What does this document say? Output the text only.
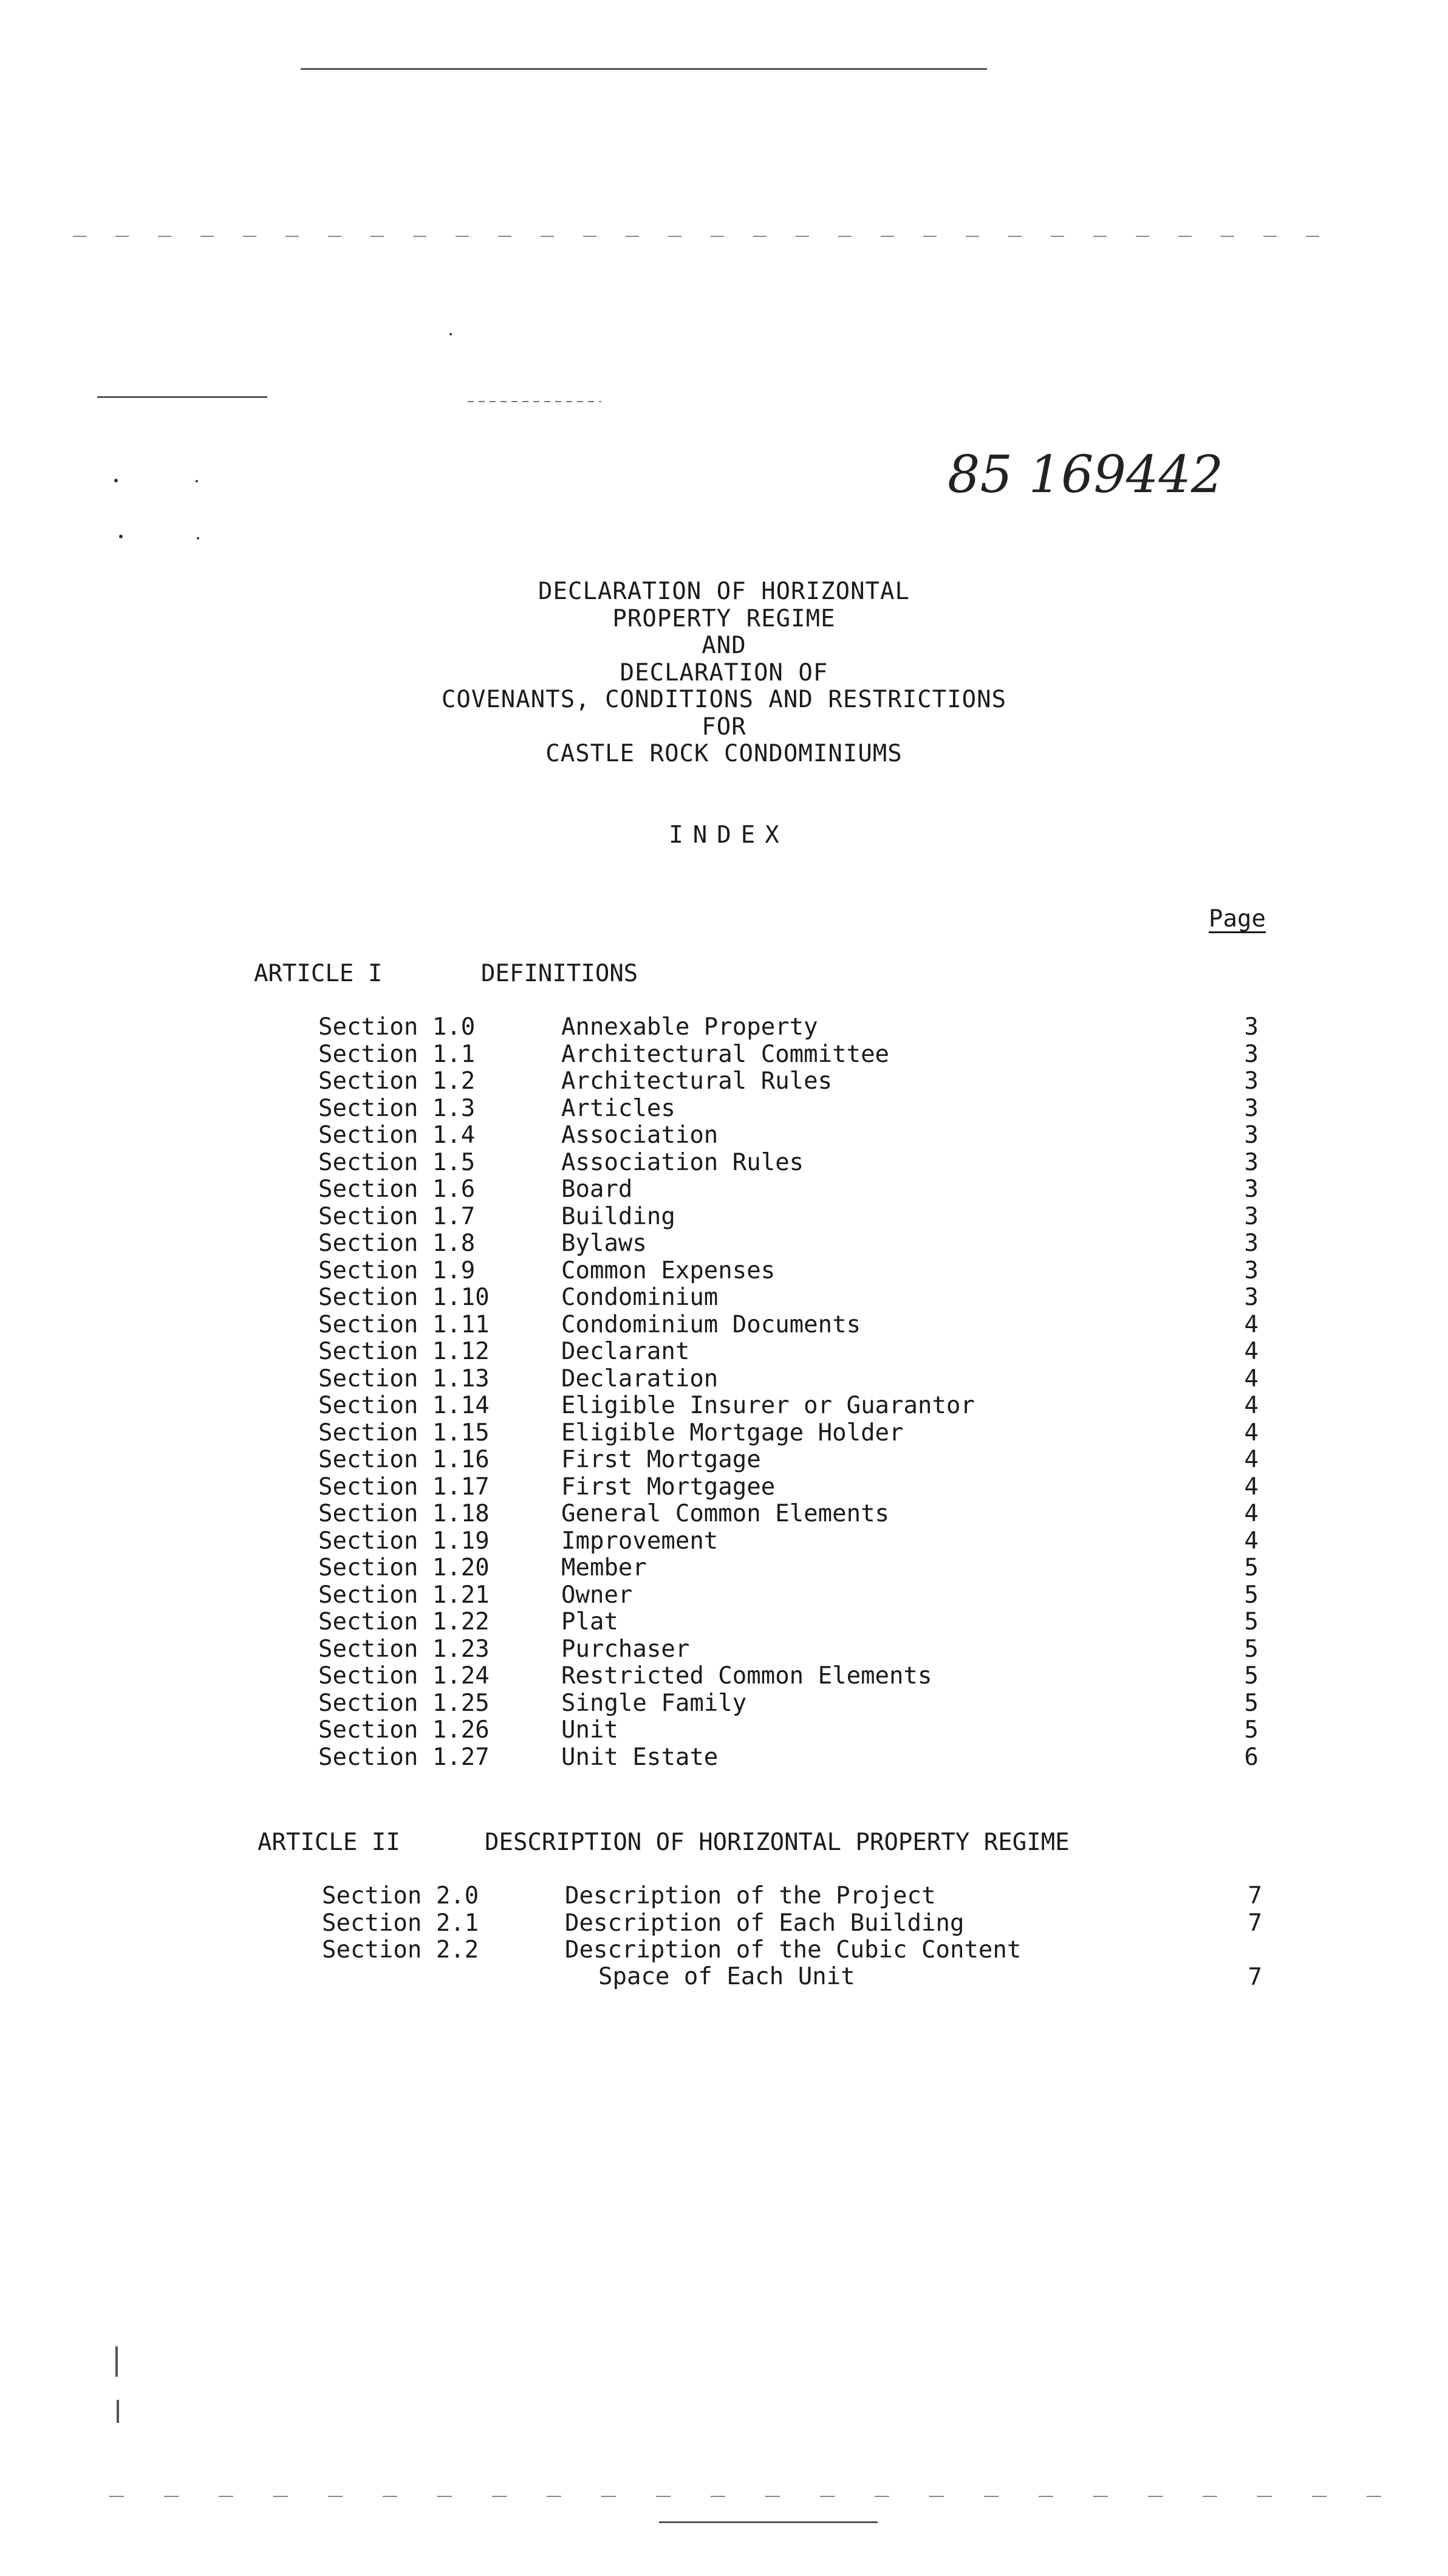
85 169442
DECLARATION OF HORIZONTAL
PROPERTY REGIME
AND
DECLARATION OF
COVENANTS, CONDITIONS AND RESTRICTIONS
FOR
CASTLE ROCK CONDOMINIUMS
INDEX
Page

ARTICLE I

	DEFINITIONS

Section 1.0	Annexable Property	3
Section 1.1	Architectural Committee	3
Section 1.2	Architectural Rules	3
Section 1.3	Articles	3
Section 1.4	Association	3
Section 1.5	Association Rules	3
Section 1.6	Board	3
Section 1.7	Building	3
Section 1.8	Bylaws	3
Section 1.9	Common Expenses	3
Section 1.10	Condominium	3
Section 1.11	Condominium Documents	4
Section 1.12	Declarant	4
Section 1.13	Declaration	4
Section 1.14	Eligible Insurer or Guarantor	4
Section 1.15	Eligible Mortgage Holder	4
Section 1.16	First Mortgage	4
Section 1.17	First Mortgagee	4
Section 1.18	General Common Elements	4
Section 1.19	Improvement	4
Section 1.20	Member	5
Section 1.21	Owner	5
Section 1.22	Plat	5
Section 1.23	Purchaser	5
Section 1.24	Restricted Common Elements	5
Section 1.25	Single Family	5
Section 1.26	Unit	5
Section 1.27	Unit Estate	6

ARTICLE II

	DESCRIPTION OF HORIZONTAL PROPERTY REGIME

Section 2.0	Description of the Project	7
Section 2.1	Description of Each Building	7
Section 2.2	Description of the Cubic Content
Space of Each Unit	7
